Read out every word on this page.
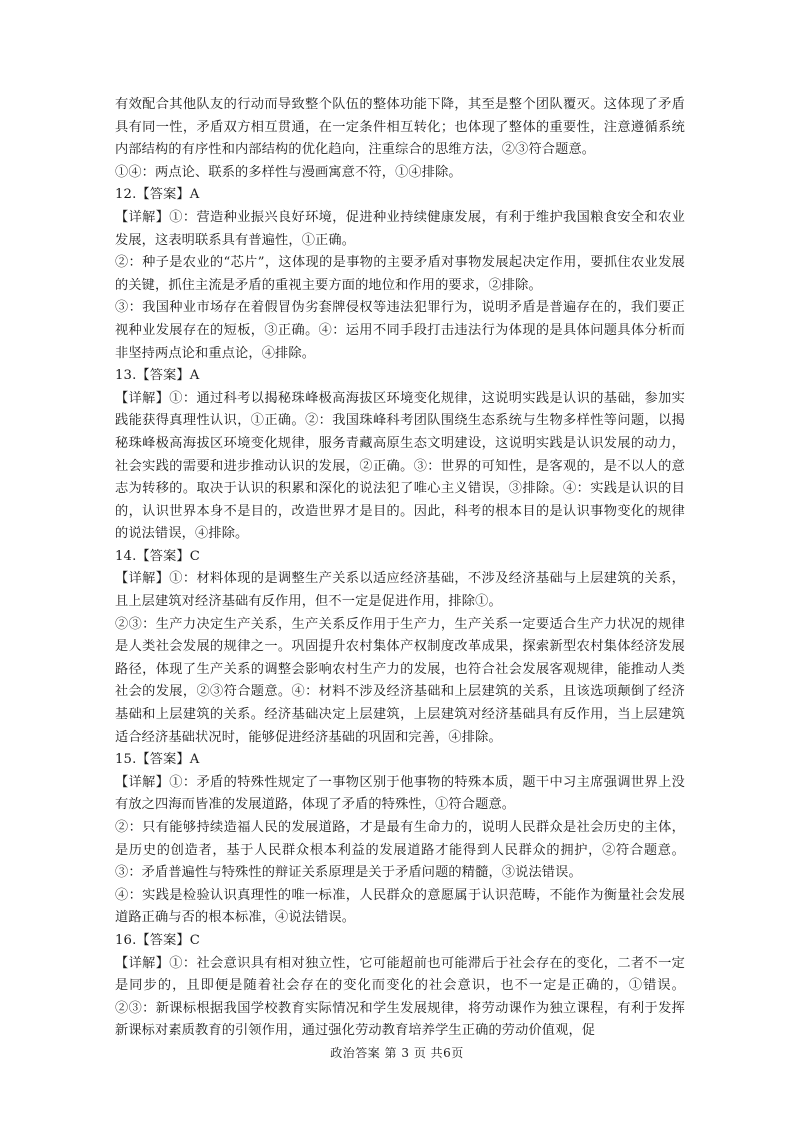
有效配合其他队友的行动而导致整个队伍的整体功能下降，其至是整个团队覆灭。这体现了矛盾具有同一性，矛盾双方相互贯通，在一定条件相互转化；也体现了整体的重要性，注意遵循系统内部结构的有序性和内部结构的优化趋向，注重综合的思维方法，②③符合题意。

①④：两点论、联系的多样性与漫画寓意不符，①④排除。

12.【答案】A

【详解】①：营造种业振兴良好环境，促进种业持续健康发展，有利于维护我国粮食安全和农业发展，这表明联系具有普遍性，①正确。

②：种子是农业的“芯片”，这体现的是事物的主要矛盾对事物发展起决定作用，要抓住农业发展的关键，抓住主流是矛盾的重视主要方面的地位和作用的要求，②排除。

③：我国种业市场存在着假冒伪劣套牌侵权等违法犯罪行为，说明矛盾是普遍存在的，我们要正视种业发展存在的短板，③正确。④：运用不同手段打击违法行为体现的是具体问题具体分析而非坚持两点论和重点论，④排除。

13.【答案】A

【详解】①：通过科考以揭秘珠峰极高海拔区环境变化规律，这说明实践是认识的基础，参加实践能获得真理性认识，①正确。②：我国珠峰科考团队围绕生态系统与生物多样性等问题，以揭秘珠峰极高海拔区环境变化规律，服务青藏高原生态文明建设，这说明实践是认识发展的动力，社会实践的需要和进步推动认识的发展，②正确。③：世界的可知性，是客观的，是不以人的意志为转移的。取决于认识的积累和深化的说法犯了唯心主义错误，③排除。④：实践是认识的目的，认识世界本身不是目的，改造世界才是目的。因此，科考的根本目的是认识事物变化的规律的说法错误，④排除。

14.【答案】C

【详解】①：材料体现的是调整生产关系以适应经济基础，不涉及经济基础与上层建筑的关系，且上层建筑对经济基础有反作用，但不一定是促进作用，排除①。

②③：生产力决定生产关系，生产关系反作用于生产力，生产关系一定要适合生产力状况的规律是人类社会发展的规律之一。巩固提升农村集体产权制度改革成果，探索新型农村集体经济发展路径，体现了生产关系的调整会影响农村生产力的发展，也符合社会发展客观规律，能推动人类社会的发展，②③符合题意。④：材料不涉及经济基础和上层建筑的关系，且该选项颠倒了经济基础和上层建筑的关系。经济基础决定上层建筑，上层建筑对经济基础具有反作用，当上层建筑适合经济基础状况时，能够促进经济基础的巩固和完善，④排除。

15.【答案】A

【详解】①：矛盾的特殊性规定了一事物区别于他事物的特殊本质，题干中习主席强调世界上没有放之四海而皆准的发展道路，体现了矛盾的特殊性，①符合题意。

②：只有能够持续造福人民的发展道路，才是最有生命力的，说明人民群众是社会历史的主体，是历史的创造者，基于人民群众根本利益的发展道路才能得到人民群众的拥护，②符合题意。③：矛盾普遍性与特殊性的辩证关系原理是关于矛盾问题的精髓，③说法错误。

④：实践是检验认识真理性的唯一标准，人民群众的意愿属于认识范畴，不能作为衡量社会发展道路正确与否的根本标准，④说法错误。

16.【答案】C

【详解】①：社会意识具有相对独立性，它可能超前也可能滞后于社会存在的变化，二者不一定是同步的，且即便是随着社会存在的变化而变化的社会意识，也不一定是正确的，①错误。②③：新课标根据我国学校教育实际情况和学生发展规律，将劳动课作为独立课程，有利于发挥新课标对素质教育的引领作用，通过强化劳动教育培养学生正确的劳动价值观，促

政治答案 第 3 页 共6页
